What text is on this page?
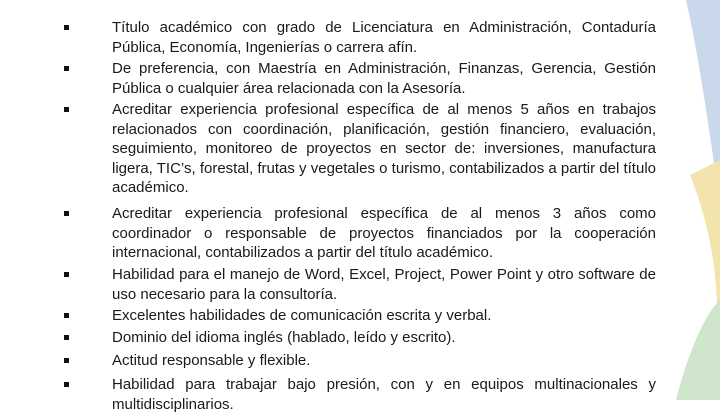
Título académico con grado de Licenciatura en Administración, Contaduría Pública, Economía, Ingenierías o carrera afín.

De preferencia, con Maestría en Administración, Finanzas, Gerencia, Gestión Pública o cualquier área relacionada con la Asesoría.

Acreditar experiencia profesional específica de al menos 5 años en trabajos relacionados con coordinación, planificación, gestión financiero, evaluación, seguimiento, monitoreo de proyectos en sector de: inversiones, manufactura ligera, TIC’s, forestal, frutas y vegetales o turismo, contabilizados a partir del título académico.

Acreditar experiencia profesional específica de al menos 3 años como coordinador o responsable de proyectos financiados por la cooperación internacional, contabilizados a partir del título académico.

Habilidad para el manejo de Word, Excel, Project, Power Point y otro software de uso necesario para la consultoría.

Excelentes habilidades de comunicación escrita y verbal.

Dominio del idioma inglés (hablado, leído y escrito).

Actitud responsable y flexible.

Habilidad para trabajar bajo presión, con y en equipos multinacionales y multidisciplinarios.
